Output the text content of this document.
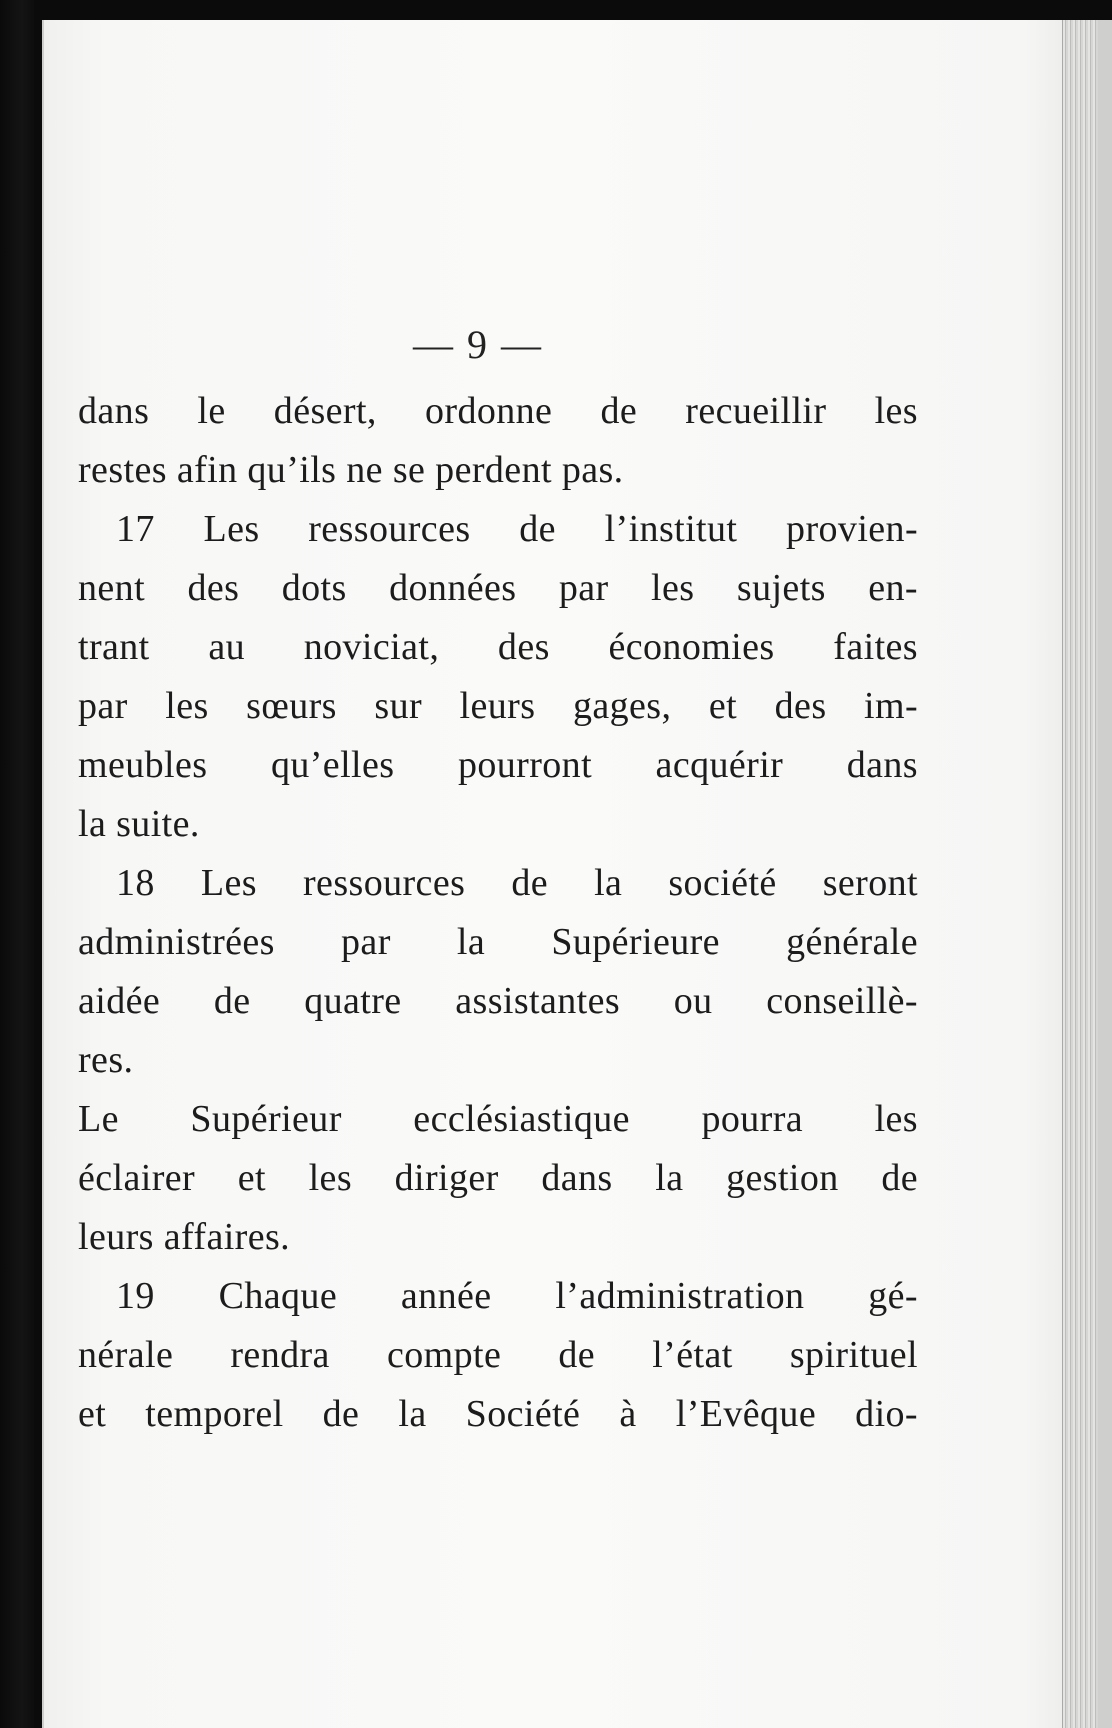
— 9 —
dans le désert, ordonne de recueillir les
restes afin qu’ils ne se perdent pas.
17 Les ressources de l’institut provien-
nent des dots données par les sujets en-
trant au noviciat, des économies faites
par les sœurs sur leurs gages, et des im-
meubles qu’elles pourront acquérir dans
la suite.
18 Les ressources de la société seront
administrées par la Supérieure générale
aidée de quatre assistantes ou conseillè-
res.
Le Supérieur ecclésiastique pourra les
éclairer et les diriger dans la gestion de
leurs affaires.
19 Chaque année l’administration gé-
nérale rendra compte de l’état spirituel
et temporel de la Société à l’Evêque dio-
